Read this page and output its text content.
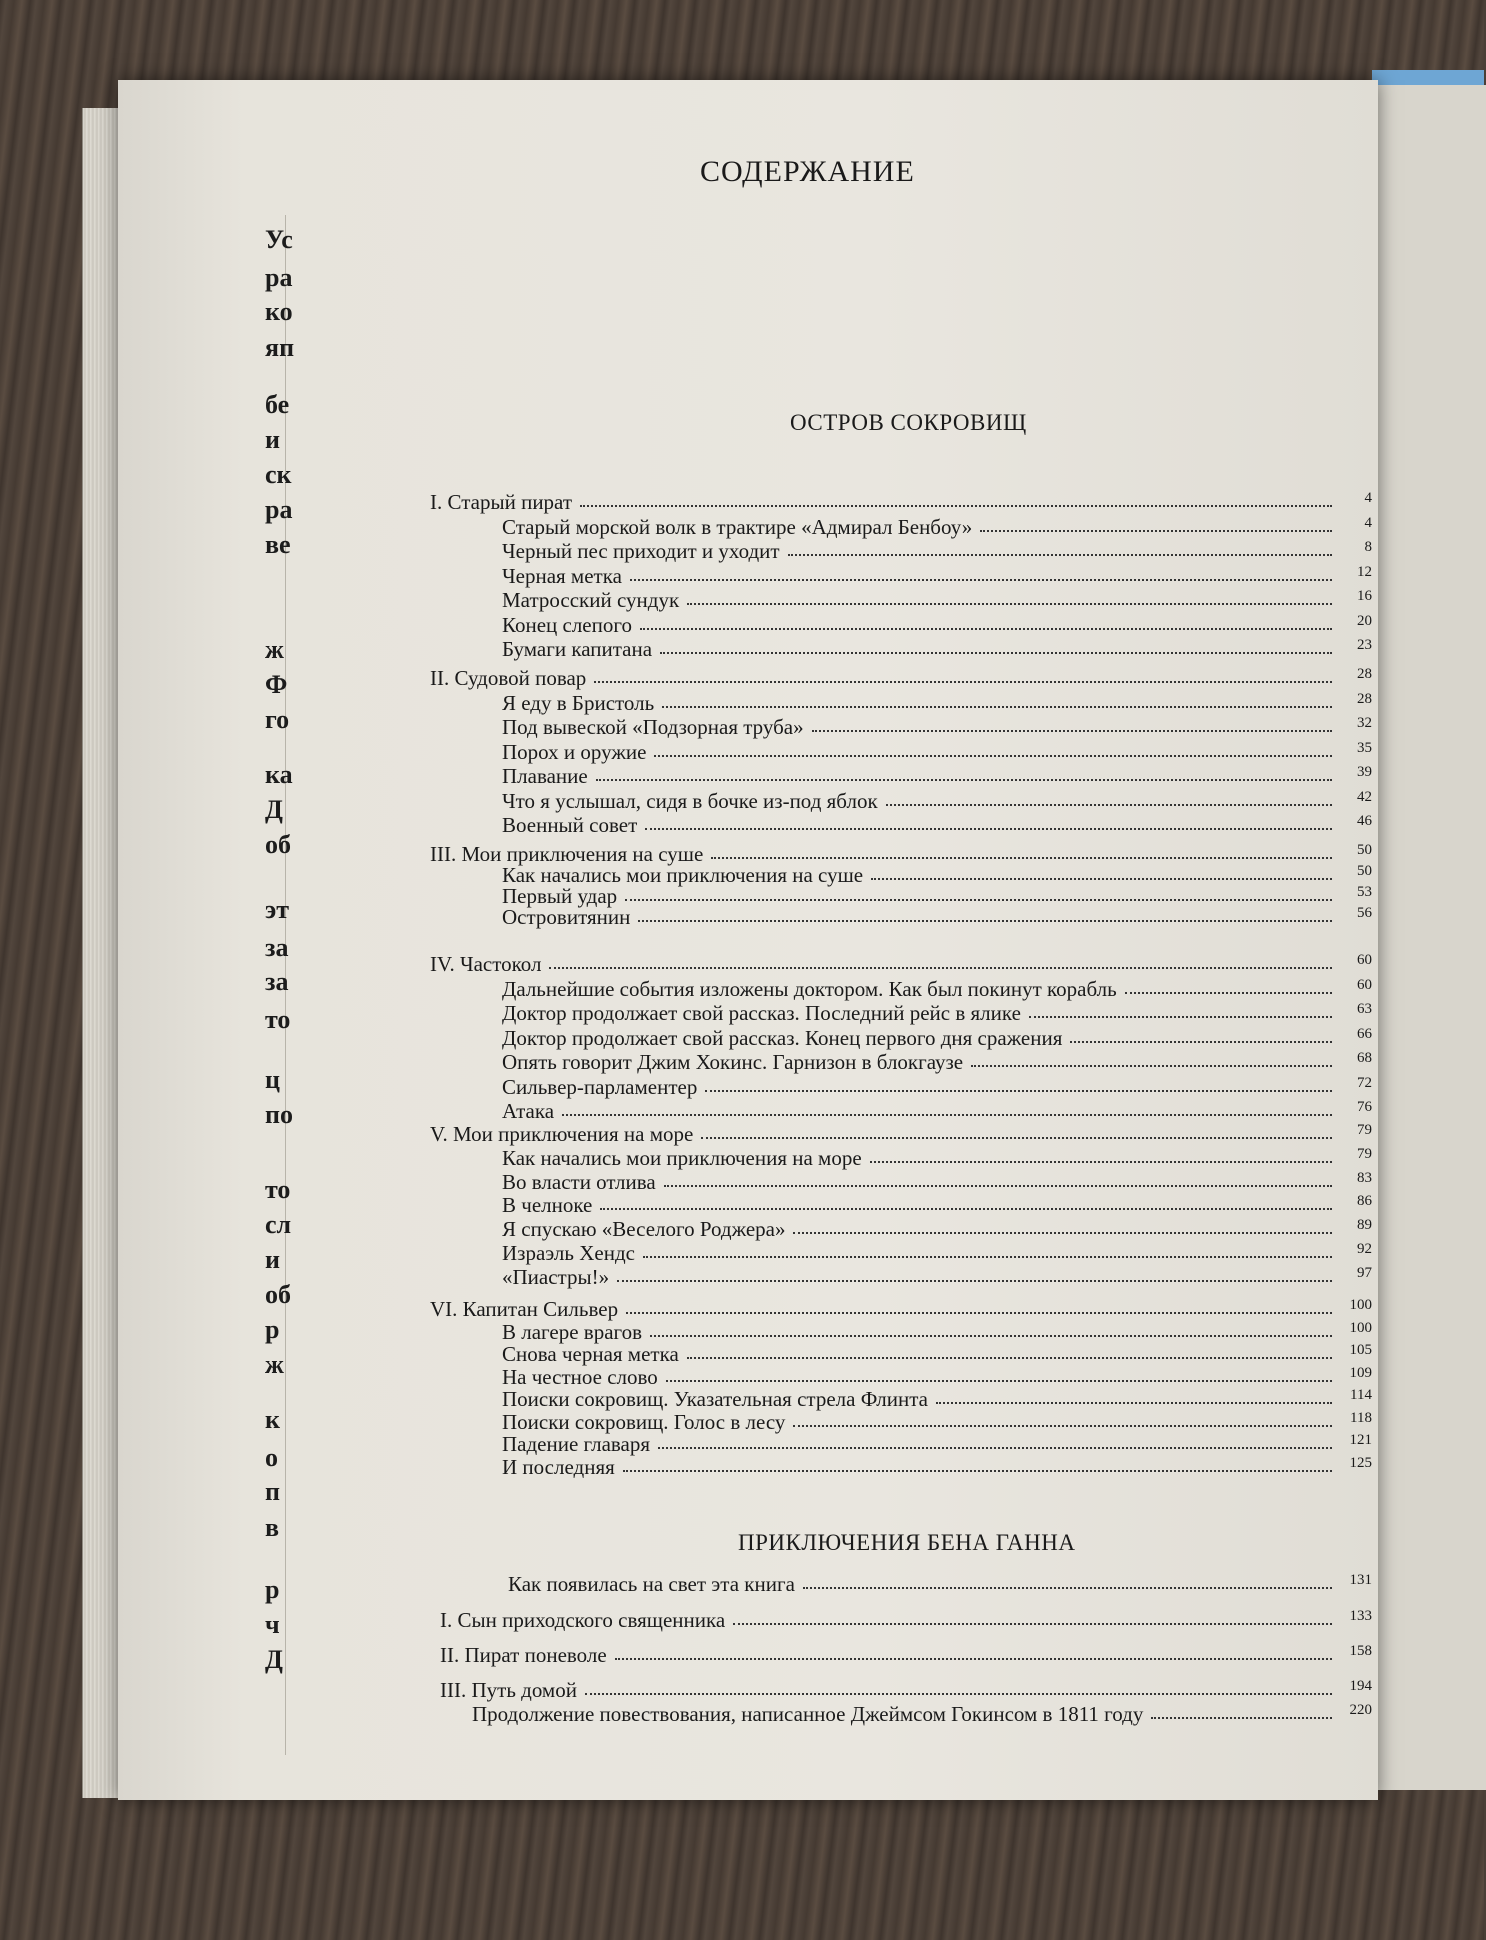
Ус
ра
ко
яп
бе
и
ск
ра
ве
ж
Ф
го
ка
Д
об
эт
за
за
то
ц
по
то
сл
и
об
р
ж
к
о
п
в
р
ч
Д
СОДЕРЖАНИЕ
ОСТРОВ СОКРОВИЩ
I. Старый пират	4
Старый морской волк в трактире «Адмирал Бенбоу»	4
Черный пес приходит и уходит	8
Черная метка	12
Матросский сундук	16
Конец слепого	20
Бумаги капитана	23
II. Судовой повар	28
Я еду в Бристоль	28
Под вывеской «Подзорная труба»	32
Порох и оружие	35
Плавание	39
Что я услышал, сидя в бочке из-под яблок	42
Военный совет	46
III. Мои приключения на суше	50
Как начались мои приключения на суше	50
Первый удар	53
Островитянин	56
IV. Частокол	60
Дальнейшие события изложены доктором. Как был покинут корабль	60
Доктор продолжает свой рассказ. Последний рейс в ялике	63
Доктор продолжает свой рассказ. Конец первого дня сражения	66
Опять говорит Джим Хокинс. Гарнизон в блокгаузе	68
Сильвер-парламентер	72
Атака	76
V. Мои приключения на море	79
Как начались мои приключения на море	79
Во власти отлива	83
В челноке	86
Я спускаю «Веселого Роджера»	89
Израэль Хендс	92
«Пиастры!»	97
VI. Капитан Сильвер	100
В лагере врагов	100
Снова черная метка	105
На честное слово	109
Поиски сокровищ. Указательная стрела Флинта	114
Поиски сокровищ. Голос в лесу	118
Падение главаря	121
И последняя	125
ПРИКЛЮЧЕНИЯ БЕНА ГАННА
Как появилась на свет эта книга	131
I. Сын приходского священника	133
II. Пират поневоле	158
III. Путь домой	194
Продолжение повествования, написанное Джеймсом Гокинсом в 1811 году	220
